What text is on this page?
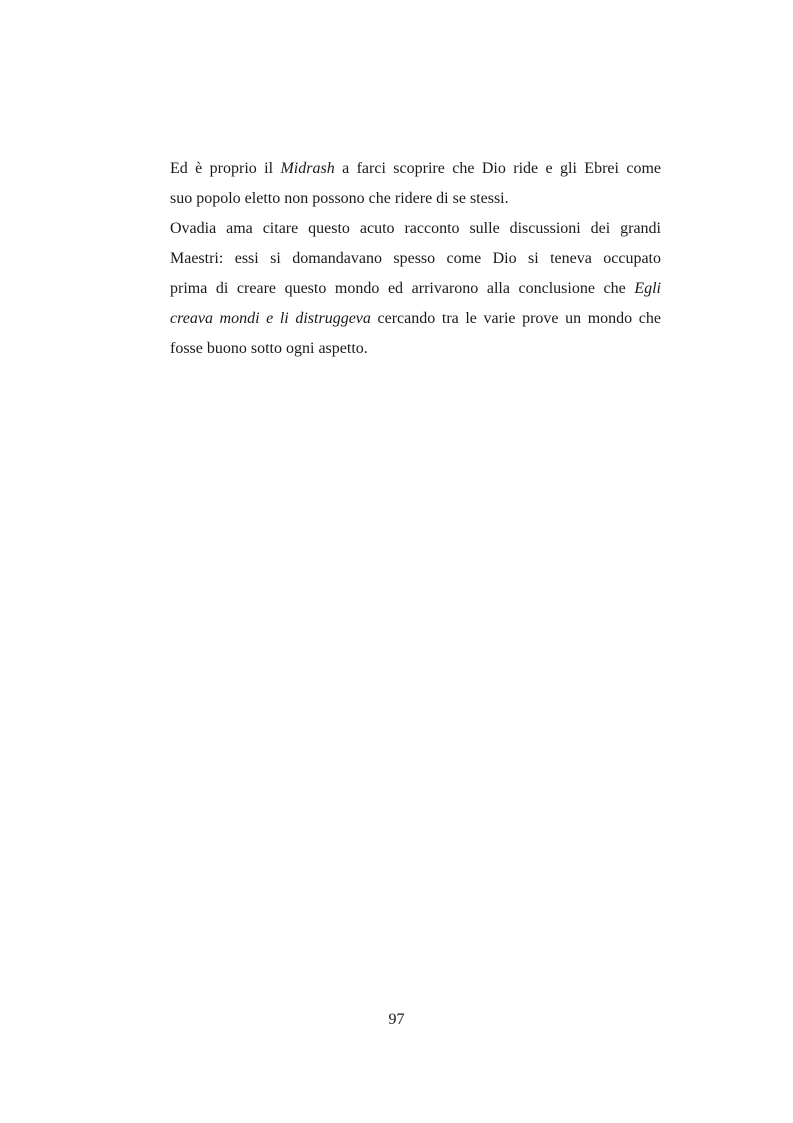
Ed è proprio il Midrash a farci scoprire che Dio ride e gli Ebrei come
suo popolo eletto non possono che ridere di se stessi.
Ovadia ama citare questo acuto racconto sulle discussioni dei grandi
Maestri: essi si domandavano spesso come Dio si teneva occupato
prima di creare questo mondo ed arrivarono alla conclusione che Egli
creava mondi e li distruggeva cercando tra le varie prove un mondo che
fosse buono sotto ogni aspetto.
97
